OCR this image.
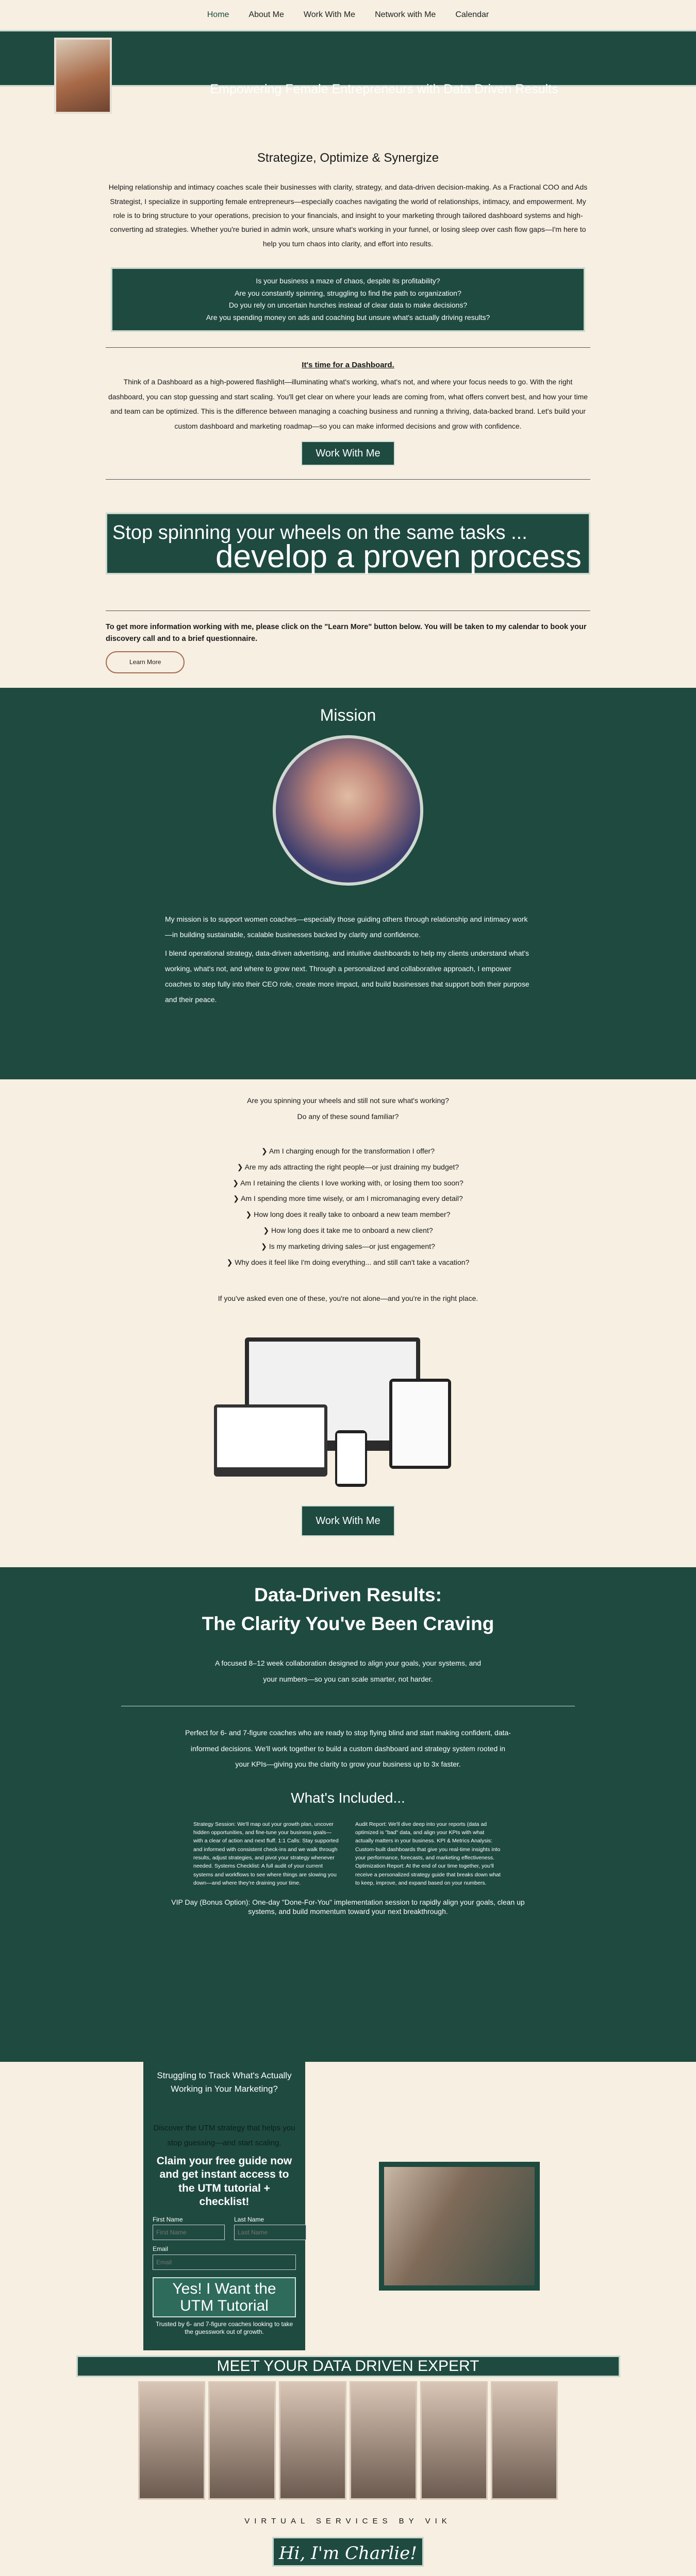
Home About Me Work With Me Network with Me Calendar
Empowering Female Entrepreneurs with Data Driven Results
Strategize, Optimize & Synergize

Helping relationship and intimacy coaches scale their businesses with clarity, strategy, and data-driven decision-making. As a Fractional COO and Ads Strategist, I specialize in supporting female entrepreneurs—especially coaches navigating the world of relationships, intimacy, and empowerment. My role is to bring structure to your operations, precision to your financials, and insight to your marketing through tailored dashboard systems and high-converting ad strategies. Whether you're buried in admin work, unsure what's working in your funnel, or losing sleep over cash flow gaps—I'm here to help you turn chaos into clarity, and effort into results.

Is your business a maze of chaos, despite its profitability?
Are you constantly spinning, struggling to find the path to organization?
Do you rely on uncertain hunches instead of clear data to make decisions?
Are you spending money on ads and coaching but unsure what's actually driving results?
It's time for a Dashboard.

Think of a Dashboard as a high-powered flashlight—illuminating what's working, what's not, and where your focus needs to go. With the right dashboard, you can stop guessing and start scaling. You'll get clear on where your leads are coming from, what offers convert best, and how your time and team can be optimized. This is the difference between managing a coaching business and running a thriving, data-backed brand. Let's build your custom dashboard and marketing roadmap—so you can make informed decisions and grow with confidence.

Work With Me
Stop spinning your wheels on the same tasks ...
develop a proven process

To get more information working with me, please click on the "Learn More" button below. You will be taken to my calendar to book your discovery call and to a brief questionnaire.

Learn More
Mission

My mission is to support women coaches—especially those guiding others through relationship and intimacy work—in building sustainable, scalable businesses backed by clarity and confidence.

I blend operational strategy, data-driven advertising, and intuitive dashboards to help my clients understand what's working, what's not, and where to grow next. Through a personalized and collaborative approach, I empower coaches to step fully into their CEO role, create more impact, and build businesses that support both their purpose and their peace.

Are you spinning your wheels and still not sure what's working?
Do any of these sound familiar?
❯ Am I charging enough for the transformation I offer?
❯ Are my ads attracting the right people—or just draining my budget?
❯ Am I retaining the clients I love working with, or losing them too soon?
❯ Am I spending more time wisely, or am I micromanaging every detail?
❯ How long does it really take to onboard a new team member?
❯ How long does it take me to onboard a new client?
❯ Is my marketing driving sales—or just engagement?
❯ Why does it feel like I'm doing everything... and still can't take a vacation?
If you've asked even one of these, you're not alone—and you're in the right place.
Work With Me
Data-Driven Results:
The Clarity You've Been Craving

A focused 8–12 week collaboration designed to align your goals, your systems, and your numbers—so you can scale smarter, not harder.

Perfect for 6- and 7-figure coaches who are ready to stop flying blind and start making confident, data-informed decisions. We'll work together to build a custom dashboard and strategy system rooted in your KPIs—giving you the clarity to grow your business up to 3x faster.

What's Included...
Strategy Session: We'll map out your growth plan, uncover hidden opportunities, and fine-tune your business goals—with a clear of action and next fluff. 1:1 Calls: Stay supported and informed with consistent check-ins and we walk through results, adjust strategies, and pivot your strategy whenever needed. Systems Checklist: A full audit of your current systems and workflows to see where things are slowing you down—and where they're draining your time.
Audit Report: We'll dive deep into your reports (data ad optimized is "bad" data, and align your KPIs with what actually matters in your business. KPI & Metrics Analysis: Custom-built dashboards that give you real-time insights into your performance, forecasts, and marketing effectiveness. Optimization Report: At the end of our time together, you'll receive a personalized strategy guide that breaks down what to keep, improve, and expand based on your numbers.

VIP Day (Bonus Option): One-day "Done-For-You" implementation session to rapidly align your goals, clean up systems, and build momentum toward your next breakthrough.

Struggling to Track What's Actually Working in Your Marketing?
Discover the UTM strategy that helps you stop guessing—and start scaling.
Claim your free guide now and get instant access to the UTM tutorial + checklist!
First Name
First Name	Last Name
Last Name
Email
Email
Yes! I Want the UTM Tutorial
Trusted by 6- and 7-figure coaches looking to take the guesswork out of growth.
MEET YOUR DATA DRIVEN EXPERT
VIRTUAL SERVICES BY VIK
Hi, I'm Charlie!
